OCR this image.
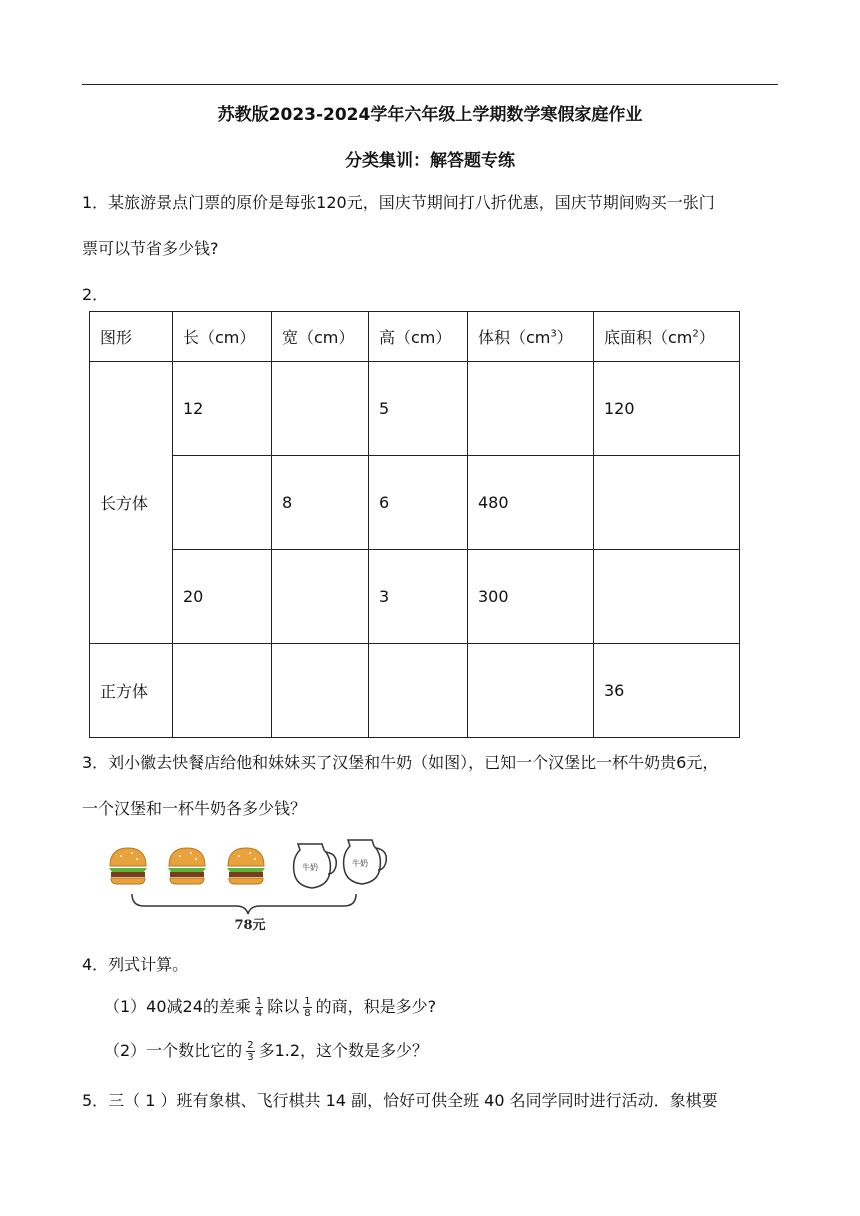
苏教版2023-2024学年六年级上学期数学寒假家庭作业
分类集训：解答题专练
1．某旅游景点门票的原价是每张120元，国庆节期间打八折优惠，国庆节期间购买一张门
票可以节省多少钱?
2．
图形	长（cm）	宽（cm）	高（cm）	体积$(cm^3)$	底面积$(cm^2)$
长方体	12		5		120
		8	6	480	
	20		3	300	
正方体					36
3．刘小徽去快餐店给他和妹妹买了汉堡和牛奶（如图），已知一个汉堡比一杯牛奶贵6元，
一个汉堡和一杯牛奶各多少钱？
牛奶	牛奶
78元
4．列式计算。
（1）40减24的差乘 $\frac{1}{4}$ 除以 $\frac{1}{8}$ 的商，积是多少?
（2）一个数比它的 $\frac{2}{3}$ 多1.2，这个数是多少？
5．三（ 1 ）班有象棋、飞行棋共 14 副，恰好可供全班 40 名同学同时进行活动．象棋要
